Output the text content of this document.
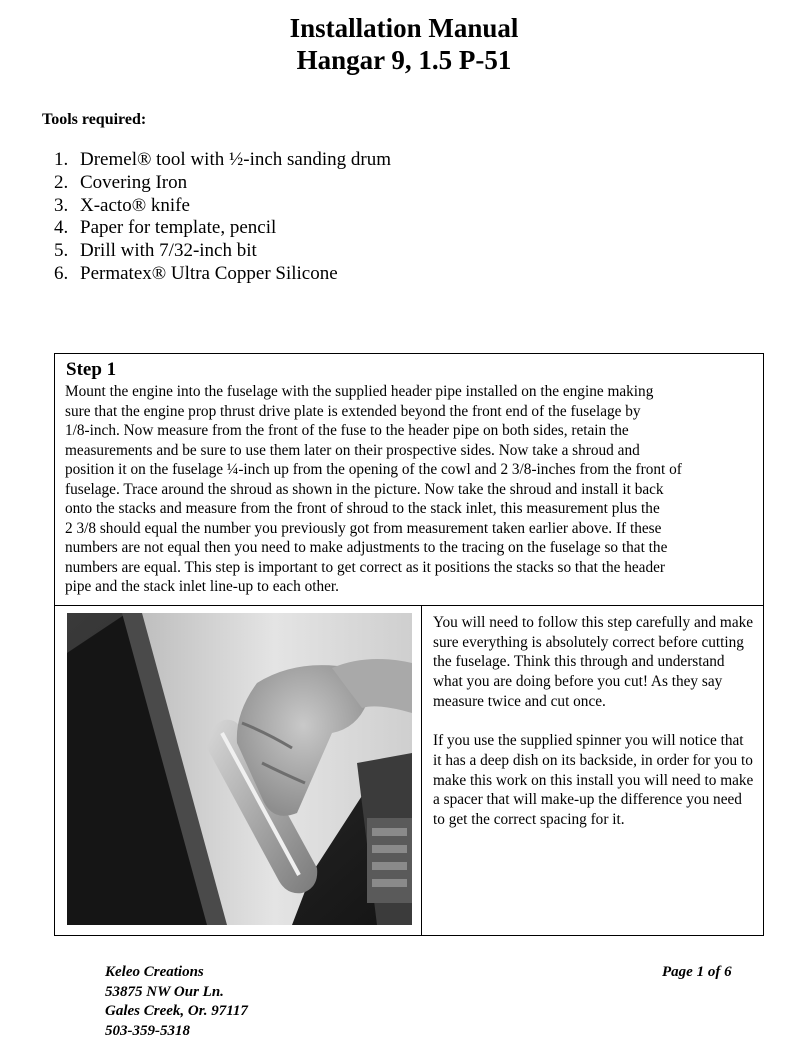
Installation Manual
Hangar 9, 1.5 P-51
Tools required:
1. Dremel® tool with ½-inch sanding drum
2. Covering Iron
3. X-acto® knife
4. Paper for template, pencil
5. Drill with 7/32-inch bit
6. Permatex® Ultra Copper Silicone
Step 1
Mount the engine into the fuselage with the supplied header pipe installed on the engine making
sure that the engine prop thrust drive plate is extended beyond the front end of the fuselage by
1/8-inch. Now measure from the front of the fuse to the header pipe on both sides, retain the
measurements and be sure to use them later on their prospective sides. Now take a shroud and
position it on the fuselage ¼-inch up from the opening of the cowl and 2 3/8-inches from the front of
fuselage. Trace around the shroud as shown in the picture. Now take the shroud and install it back
onto the stacks and measure from the front of shroud to the stack inlet, this measurement plus the
2 3/8 should equal the number you previously got from measurement taken earlier above. If these
numbers are not equal then you need to make adjustments to the tracing on the fuselage so that the
numbers are equal. This step is important to get correct as it positions the stacks so that the header
pipe and the stack inlet line-up to each other.

You will need to follow this step carefully and make sure everything is absolutely correct before cutting the fuselage. Think this through and understand what you are doing before you cut! As they say measure twice and cut once.

If you use the supplied spinner you will notice that it has a deep dish on its backside, in order for you to make this work on this install you will need to make a spacer that will make-up the difference you need to get the correct spacing for it.

Keleo Creations
53875 NW Our Ln.
Gales Creek, Or. 97117
503-359-5318
Page 1 of 6
